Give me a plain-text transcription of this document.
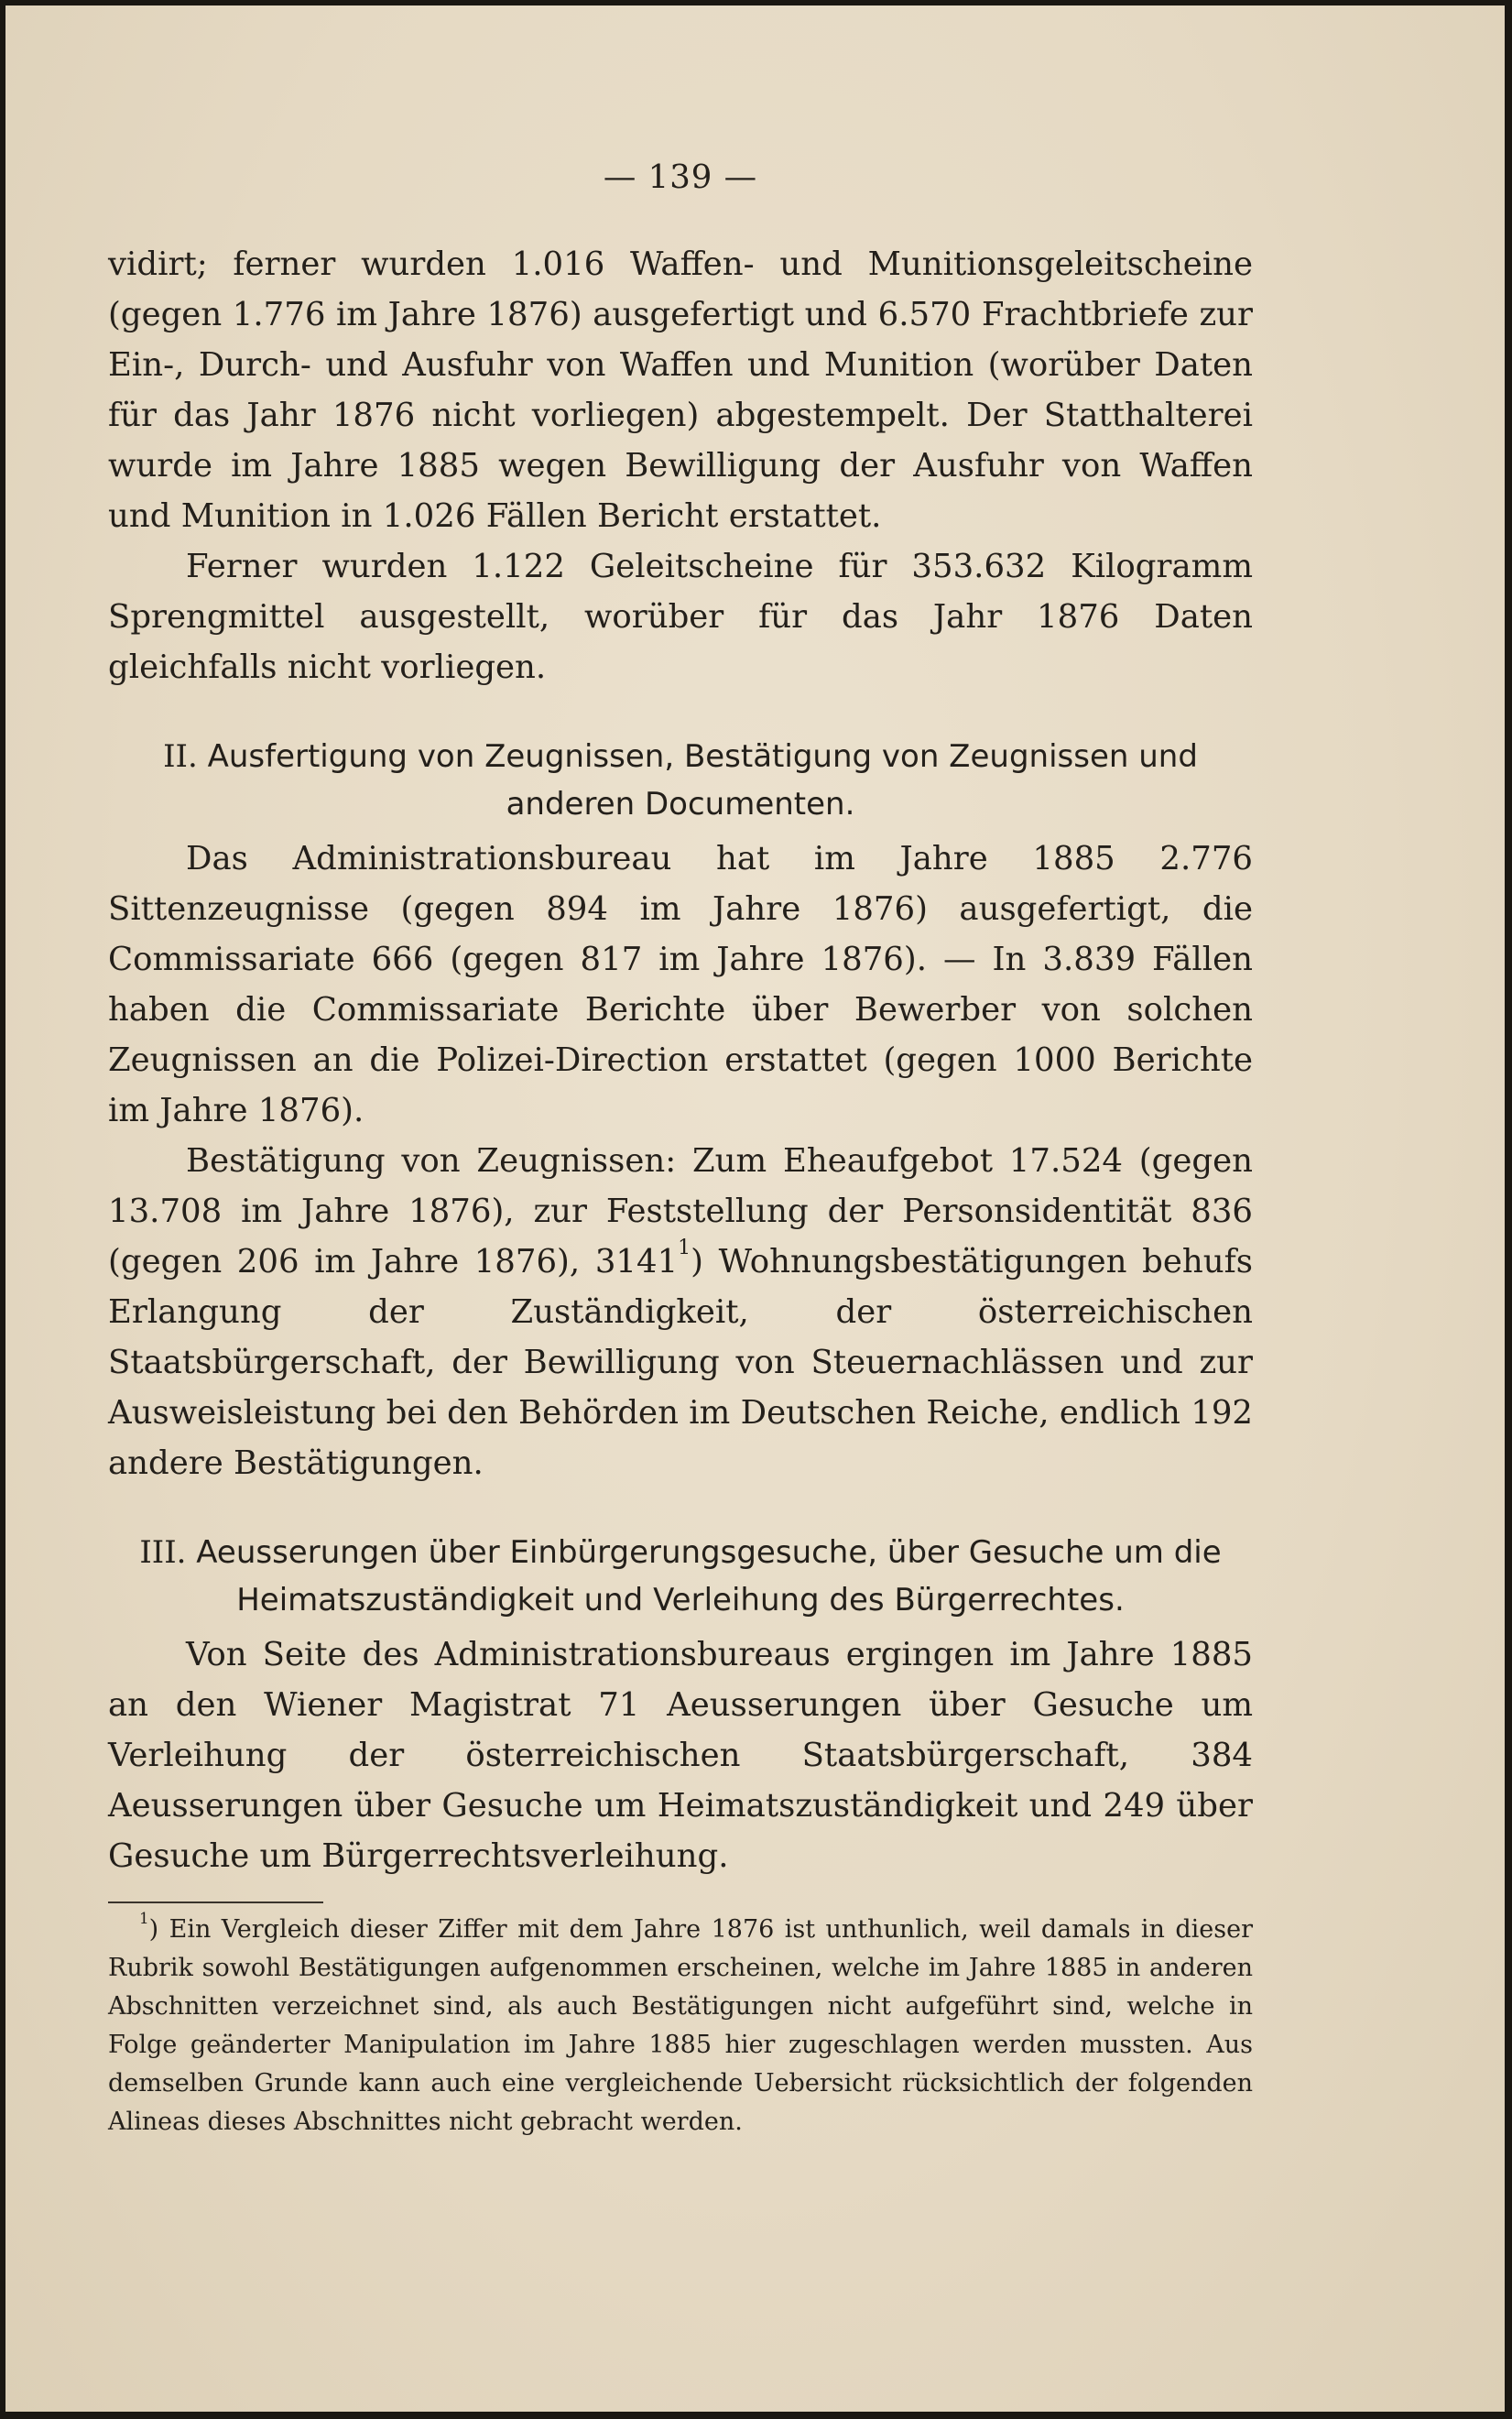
— 139 —

vidirt; ferner wurden 1.016 Waffen- und Munitionsgeleitscheine (gegen 1.776 im Jahre 1876) ausgefertigt und 6.570 Frachtbriefe zur Ein-, Durch- und Ausfuhr von Waffen und Munition (worüber Daten für das Jahr 1876 nicht vorliegen) abgestempelt. Der Statthalterei wurde im Jahre 1885 wegen Bewilligung der Ausfuhr von Waffen und Munition in 1.026 Fällen Bericht erstattet.

Ferner wurden 1.122 Geleitscheine für 353.632 Kilogramm Sprengmittel ausgestellt, worüber für das Jahr 1876 Daten gleichfalls nicht vorliegen.

II. Ausfertigung von Zeugnissen, Bestätigung von Zeugnissen und anderen Documenten.

Das Administrationsbureau hat im Jahre 1885 2.776 Sittenzeugnisse (gegen 894 im Jahre 1876) ausgefertigt, die Commissariate 666 (gegen 817 im Jahre 1876). — In 3.839 Fällen haben die Commissariate Berichte über Bewerber von solchen Zeugnissen an die Polizei-Direction erstattet (gegen 1000 Berichte im Jahre 1876).

Bestätigung von Zeugnissen: Zum Eheaufgebot 17.524 (gegen 13.708 im Jahre 1876), zur Feststellung der Personsidentität 836 (gegen 206 im Jahre 1876), 3141$^1$) Wohnungsbestätigungen behufs Erlangung der Zuständigkeit, der österreichischen Staatsbürgerschaft, der Bewilligung von Steuernachlässen und zur Ausweisleistung bei den Behörden im Deutschen Reiche, endlich 192 andere Bestätigungen.

III. Aeusserungen über Einbürgerungsgesuche, über Gesuche um die Heimatszuständigkeit und Verleihung des Bürgerrechtes.

Von Seite des Administrationsbureaus ergingen im Jahre 1885 an den Wiener Magistrat 71 Aeusserungen über Gesuche um Verleihung der österreichischen Staatsbürgerschaft, 384 Aeusserungen über Gesuche um Heimatszuständigkeit und 249 über Gesuche um Bürgerrechtsverleihung.

$^1$) Ein Vergleich dieser Ziffer mit dem Jahre 1876 ist unthunlich, weil damals in dieser Rubrik sowohl Bestätigungen aufgenommen erscheinen, welche im Jahre 1885 in anderen Abschnitten verzeichnet sind, als auch Bestätigungen nicht aufgeführt sind, welche in Folge geänderter Manipulation im Jahre 1885 hier zugeschlagen werden mussten. Aus demselben Grunde kann auch eine vergleichende Uebersicht rücksichtlich der folgenden Alineas dieses Abschnittes nicht gebracht werden.
